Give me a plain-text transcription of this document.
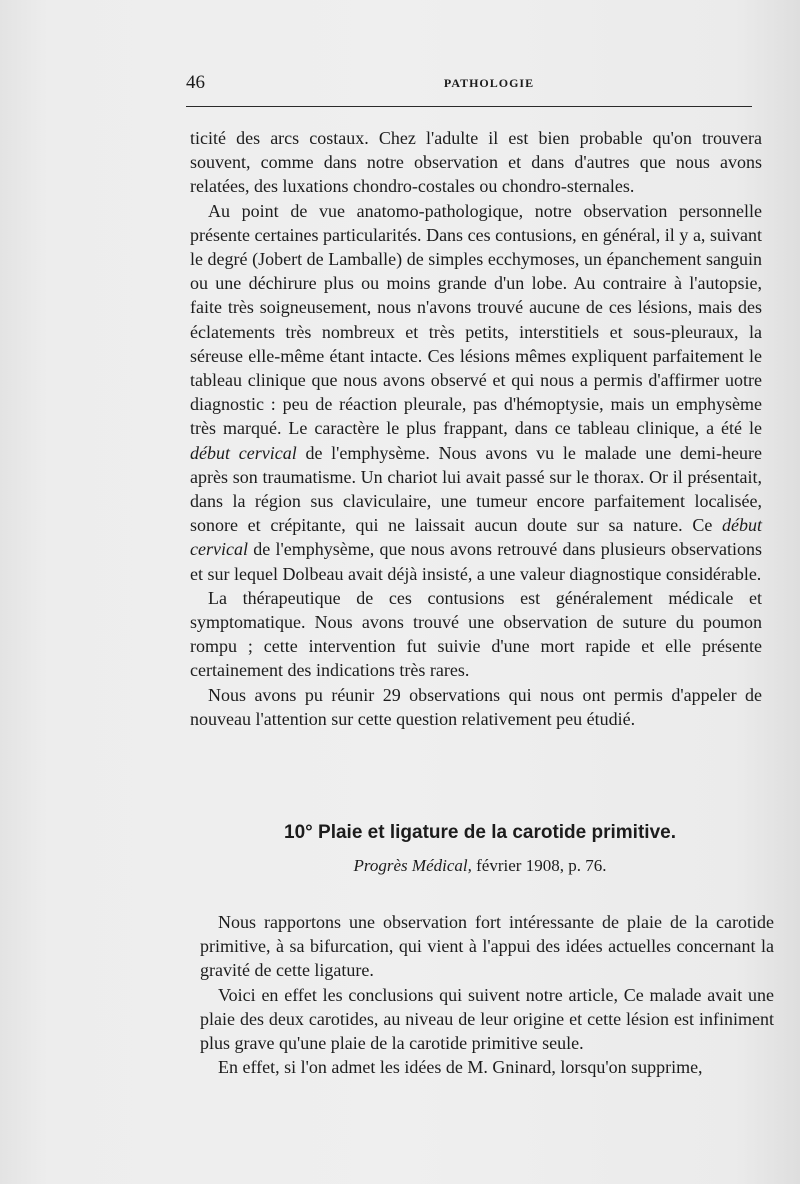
46	PATHOLOGIE

ticité des arcs costaux. Chez l'adulte il est bien probable qu'on trouvera souvent, comme dans notre observation et dans d'autres que nous avons relatées, des luxations chondro-costales ou chondro-sternales.

Au point de vue anatomo-pathologique, notre observation personnelle présente certaines particularités. Dans ces contusions, en général, il y a, suivant le degré (Jobert de Lamballe) de simples ecchymoses, un épanchement sanguin ou une déchirure plus ou moins grande d'un lobe. Au contraire à l'autopsie, faite très soigneusement, nous n'avons trouvé aucune de ces lésions, mais des éclatements très nombreux et très petits, interstitiels et sous-pleuraux, la séreuse elle-même étant intacte. Ces lésions mêmes expliquent parfaitement le tableau clinique que nous avons observé et qui nous a permis d'affirmer uotre diagnostic : peu de réaction pleurale, pas d'hémoptysie, mais un emphysème très marqué. Le caractère le plus frappant, dans ce tableau clinique, a été le début cervical de l'emphysème. Nous avons vu le malade une demi-heure après son traumatisme. Un chariot lui avait passé sur le thorax. Or il présentait, dans la région sus claviculaire, une tumeur encore parfaitement localisée, sonore et crépitante, qui ne laissait aucun doute sur sa nature. Ce début cervical de l'emphysème, que nous avons retrouvé dans plusieurs observations et sur lequel Dolbeau avait déjà insisté, a une valeur diagnostique considérable.

La thérapeutique de ces contusions est généralement médicale et symptomatique. Nous avons trouvé une observation de suture du poumon rompu ; cette intervention fut suivie d'une mort rapide et elle présente certainement des indications très rares.

Nous avons pu réunir 29 observations qui nous ont permis d'appeler de nouveau l'attention sur cette question relativement peu étudié.

10° Plaie et ligature de la carotide primitive.
Progrès Médical, février 1908, p. 76.

Nous rapportons une observation fort intéressante de plaie de la carotide primitive, à sa bifurcation, qui vient à l'appui des idées actuelles concernant la gravité de cette ligature.

Voici en effet les conclusions qui suivent notre article, Ce malade avait une plaie des deux carotides, au niveau de leur origine et cette lésion est infiniment plus grave qu'une plaie de la carotide primitive seule.

En effet, si l'on admet les idées de M. Gninard, lorsqu'on supprime,
